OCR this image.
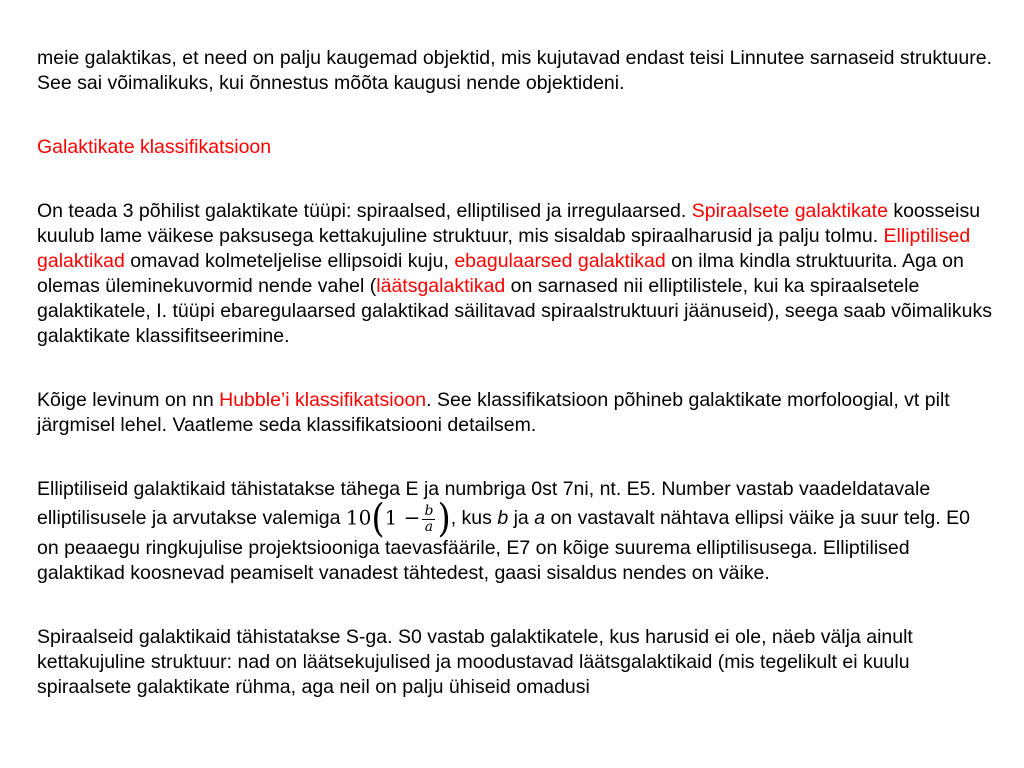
meie galaktikas, et need on palju kaugemad objektid, mis kujutavad endast teisi Linnutee sarnaseid struktuure. See sai võimalikuks, kui õnnestus mõõta kaugusi nende objektideni.

Galaktikate klassifikatsioon

On teada 3 põhilist galaktikate tüüpi: spiraalsed, elliptilised ja irregulaarsed. Spiraalsete galaktikate koosseisu kuulub lame väikese paksusega kettakujuline struktuur, mis sisaldab spiraalharusid ja palju tolmu. Elliptilised galaktikad omavad kolmeteljelise ellipsoidi kuju, ebagulaarsed galaktikad on ilma kindla struktuurita. Aga on olemas üleminekuvormid nende vahel (läätsgalaktikad on sarnased nii elliptilistele, kui ka spiraalsetele galaktikatele, I. tüüpi ebaregulaarsed galaktikad säilitavad spiraalstruktuuri jäänuseid), seega saab võimalikuks galaktikate klassifitseerimine.

Kõige levinum on nn Hubble’i klassifikatsioon. See klassifikatsioon põhineb galaktikate morfoloogial, vt pilt järgmisel lehel. Vaatleme seda klassifikatsiooni detailsem.

Elliptiliseid galaktikaid tähistatakse tähega E ja numbriga 0st 7ni, nt. E5. Number vastab vaadeldatavale elliptilisusele ja arvutakse valemiga $10(1 - \frac{b}{a}$ ), kus b ja a on vastavalt nähtava ellipsi väike ja suur telg. E0 on peaaegu ringkujulise projektsiooniga taevasfäärile, E7 on kõige suurema elliptilisusega. Elliptilised galaktikad koosnevad peamiselt vanadest tähtedest, gaasi sisaldus nendes on väike.

Spiraalseid galaktikaid tähistatakse S-ga. S0 vastab galaktikatele, kus harusid ei ole, näeb välja ainult kettakujuline struktuur: nad on läätsekujulised ja moodustavad läätsgalaktikaid (mis tegelikult ei kuulu spiraalsete galaktikate rühma, aga neil on palju ühiseid omadusi
